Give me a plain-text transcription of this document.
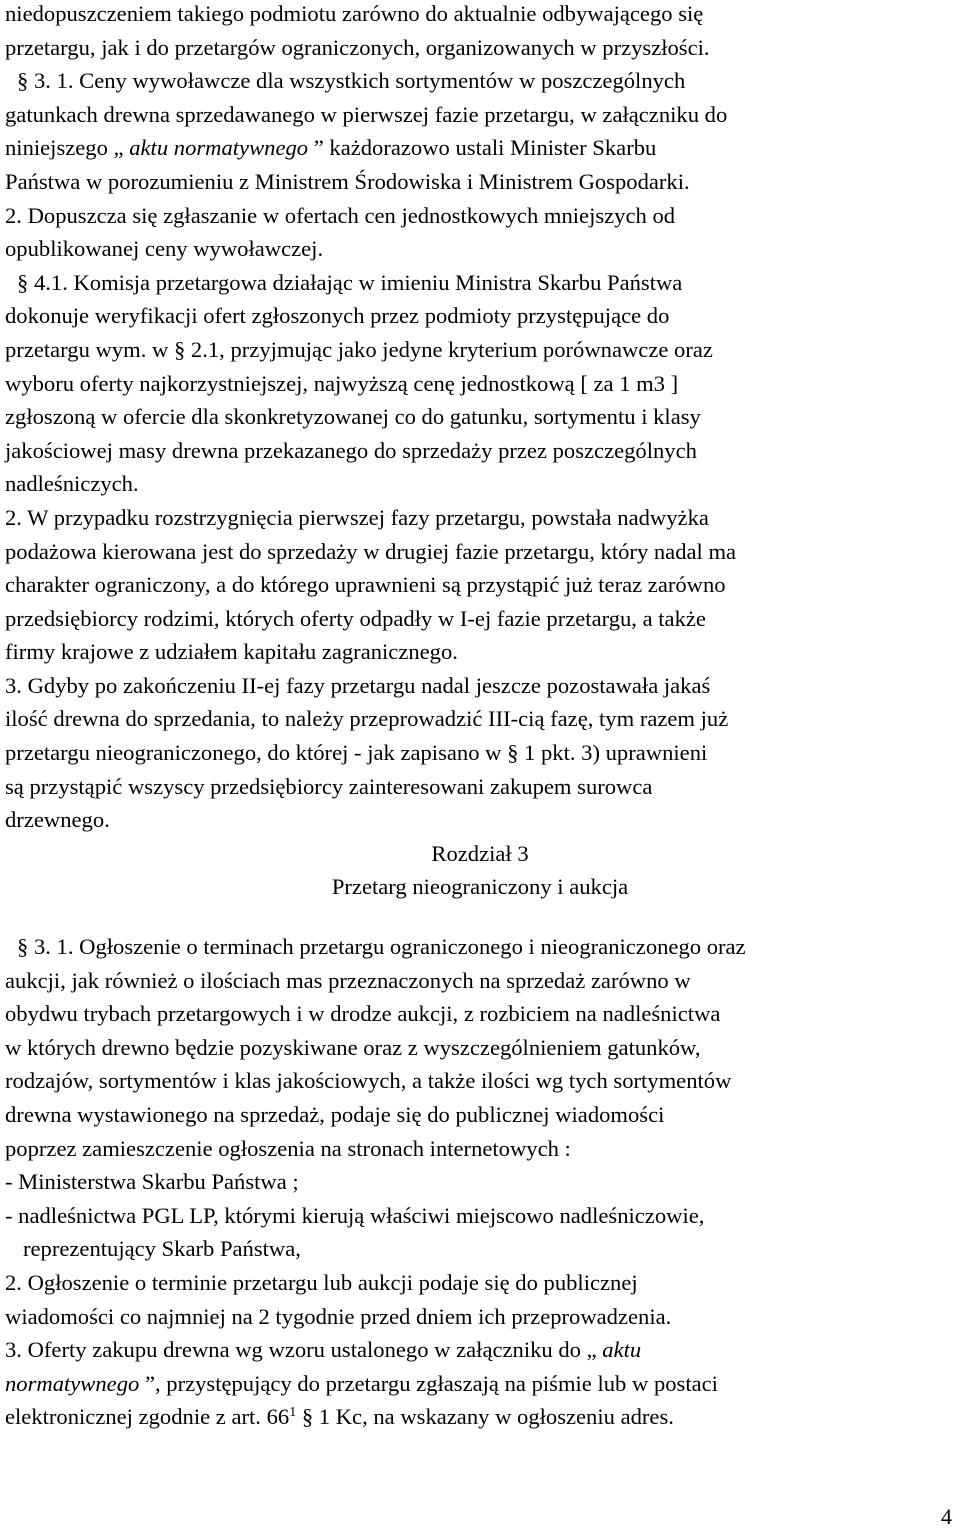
niedopuszczeniem takiego podmiotu zarówno do aktualnie odbywającego się

przetargu, jak i do przetargów ograniczonych, organizowanych w przyszłości.

§ 3. 1. Ceny wywoławcze dla wszystkich sortymentów w poszczególnych

gatunkach drewna sprzedawanego w pierwszej fazie przetargu, w załączniku do

niniejszego „ aktu normatywnego ” każdorazowo ustali Minister Skarbu

Państwa w porozumieniu z Ministrem Środowiska i Ministrem Gospodarki.

2. Dopuszcza się zgłaszanie w ofertach cen jednostkowych mniejszych od

opublikowanej ceny wywoławczej.

§ 4.1. Komisja przetargowa działając w imieniu Ministra Skarbu Państwa

dokonuje weryfikacji ofert zgłoszonych przez podmioty przystępujące do

przetargu wym. w § 2.1, przyjmując jako jedyne kryterium porównawcze oraz

wyboru oferty najkorzystniejszej, najwyższą cenę jednostkową [ za 1 m3 ]

zgłoszoną w ofercie dla skonkretyzowanej co do gatunku, sortymentu i klasy

jakościowej masy drewna przekazanego do sprzedaży przez poszczególnych

nadleśniczych.

2. W przypadku rozstrzygnięcia pierwszej fazy przetargu, powstała nadwyżka

podażowa kierowana jest do sprzedaży w drugiej fazie przetargu, który nadal ma

charakter ograniczony, a do którego uprawnieni są przystąpić już teraz zarówno

przedsiębiorcy rodzimi, których oferty odpadły w I-ej fazie przetargu, a także

firmy krajowe z udziałem kapitału zagranicznego.

3. Gdyby po zakończeniu II-ej fazy przetargu nadal jeszcze pozostawała jakaś

ilość drewna do sprzedania, to należy przeprowadzić III-cią fazę, tym razem już

przetargu nieograniczonego, do której - jak zapisano w § 1 pkt. 3) uprawnieni

są przystąpić wszyscy przedsiębiorcy zainteresowani zakupem surowca

drzewnego.

Rozdział 3

Przetarg nieograniczony i aukcja

§ 3. 1. Ogłoszenie o terminach przetargu ograniczonego i nieograniczonego oraz

aukcji, jak również o ilościach mas przeznaczonych na sprzedaż zarówno w

obydwu trybach przetargowych i w drodze aukcji, z rozbiciem na nadleśnictwa

w których drewno będzie pozyskiwane oraz z wyszczególnieniem gatunków,

rodzajów, sortymentów i klas jakościowych, a także ilości wg tych sortymentów

drewna wystawionego na sprzedaż, podaje się do publicznej wiadomości

poprzez zamieszczenie ogłoszenia na stronach internetowych :

- Ministerstwa Skarbu Państwa ;

- nadleśnictwa PGL LP, którymi kierują właściwi miejscowo nadleśniczowie,

reprezentujący Skarb Państwa,

2. Ogłoszenie o terminie przetargu lub aukcji podaje się do publicznej

wiadomości co najmniej na 2 tygodnie przed dniem ich przeprowadzenia.

3. Oferty zakupu drewna wg wzoru ustalonego w załączniku do „ aktu

normatywnego ”, przystępujący do przetargu zgłaszają na piśmie lub w postaci

elektronicznej zgodnie z art. $66^1$ § 1 Kc, na wskazany w ogłoszeniu adres.

4
